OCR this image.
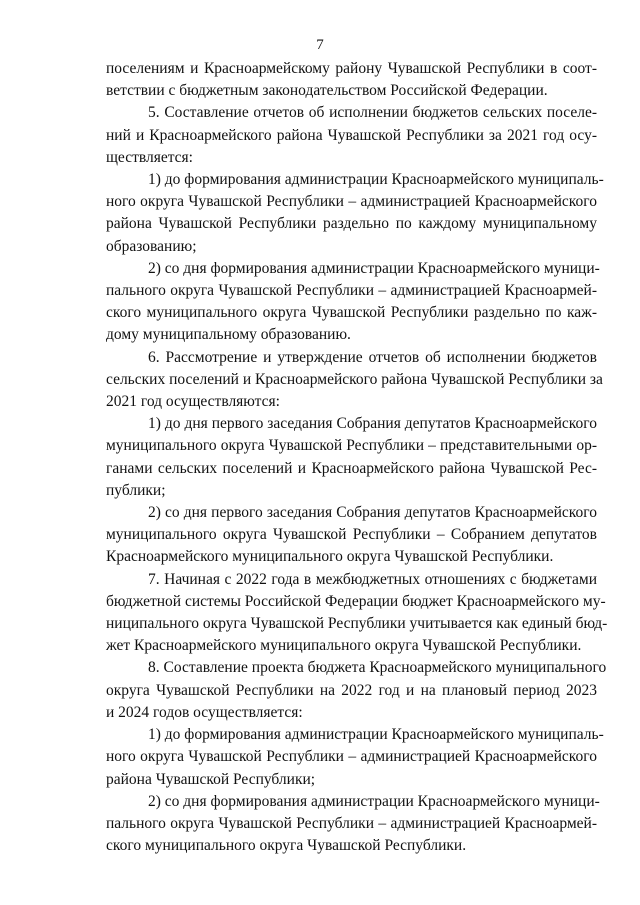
7

поселениям и Красноармейскому району Чувашской Республики в соот-
ветствии с бюджетным законодательством Российской Федерации.

5. Составление отчетов об исполнении бюджетов сельских поселе-
ний и Красноармейского района Чувашской Республики за 2021 год осу-
ществляется:

1) до формирования администрации Красноармейского муниципаль-
ного округа Чувашской Республики – администрацией Красноармейского
района Чувашской Республики раздельно по каждому муниципальному
образованию;

2) со дня формирования администрации Красноармейского муници-
пального округа Чувашской Республики – администрацией Красноармей-
ского муниципального округа Чувашской Республики раздельно по каж-
дому муниципальному образованию.

6. Рассмотрение и утверждение отчетов об исполнении бюджетов
сельских поселений и Красноармейского района Чувашской Республики за
2021 год осуществляются:

1) до дня первого заседания Собрания депутатов Красноармейского
муниципального округа Чувашской Республики – представительными ор-
ганами сельских поселений и Красноармейского района Чувашской Рес-
публики;

2) со дня первого заседания Собрания депутатов Красноармейского
муниципального округа Чувашской Республики – Собранием депутатов
Красноармейского муниципального округа Чувашской Республики.

7. Начиная с 2022 года в межбюджетных отношениях с бюджетами
бюджетной системы Российской Федерации бюджет Красноармейского му-
ниципального округа Чувашской Республики учитывается как единый бюд-
жет Красноармейского муниципального округа Чувашской Республики.

8. Составление проекта бюджета Красноармейского муниципального
округа Чувашской Республики на 2022 год и на плановый период 2023
и 2024 годов осуществляется:

1) до формирования администрации Красноармейского муниципаль-
ного округа Чувашской Республики – администрацией Красноармейского
района Чувашской Республики;

2) со дня формирования администрации Красноармейского муници-
пального округа Чувашской Республики – администрацией Красноармей-
ского муниципального округа Чувашской Республики.
